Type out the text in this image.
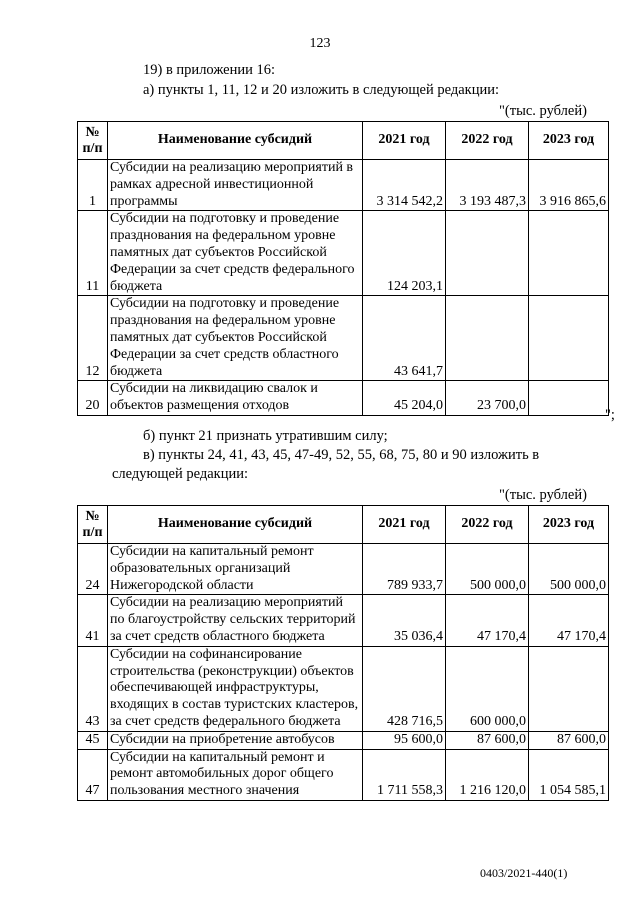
123
19) в приложении 16:
а) пункты 1, 11, 12 и 20 изложить в следующей редакции:
"(тыс. рублей)
№
п/п	Наименование субсидий	2021 год	2022 год	2023 год
1	Субсидии на реализацию мероприятий в рамках адресной инвестиционной программы	3 314 542,2	3 193 487,3	3 916 865,6
11	Субсидии на подготовку и проведение празднования на федеральном уровне памятных дат субъектов Российской Федерации за счет средств федерального бюджета	124 203,1		
12	Субсидии на подготовку и проведение празднования на федеральном уровне памятных дат субъектов Российской Федерации за счет средств областного бюджета	43 641,7		
20	Субсидии на ликвидацию свалок и объектов размещения отходов	45 204,0	23 700,0	
";
б) пункт 21 признать утратившим силу;
в) пункты 24, 41, 43, 45, 47-49, 52, 55, 68, 75, 80 и 90 изложить в
следующей редакции:
"(тыс. рублей)
№
п/п	Наименование субсидий	2021 год	2022 год	2023 год
24	Субсидии на капитальный ремонт образовательных организаций Нижегородской области	789 933,7	500 000,0	500 000,0
41	Субсидии на реализацию мероприятий по благоустройству сельских территорий за счет средств областного бюджета	35 036,4	47 170,4	47 170,4
43	Субсидии на софинансирование строительства (реконструкции) объектов обеспечивающей инфраструктуры, входящих в состав туристских кластеров, за счет средств федерального бюджета	428 716,5	600 000,0	
45	Субсидии на приобретение автобусов	95 600,0	87 600,0	87 600,0
47	Субсидии на капитальный ремонт и ремонт автомобильных дорог общего пользования местного значения	1 711 558,3	1 216 120,0	1 054 585,1
0403/2021-440(1)
